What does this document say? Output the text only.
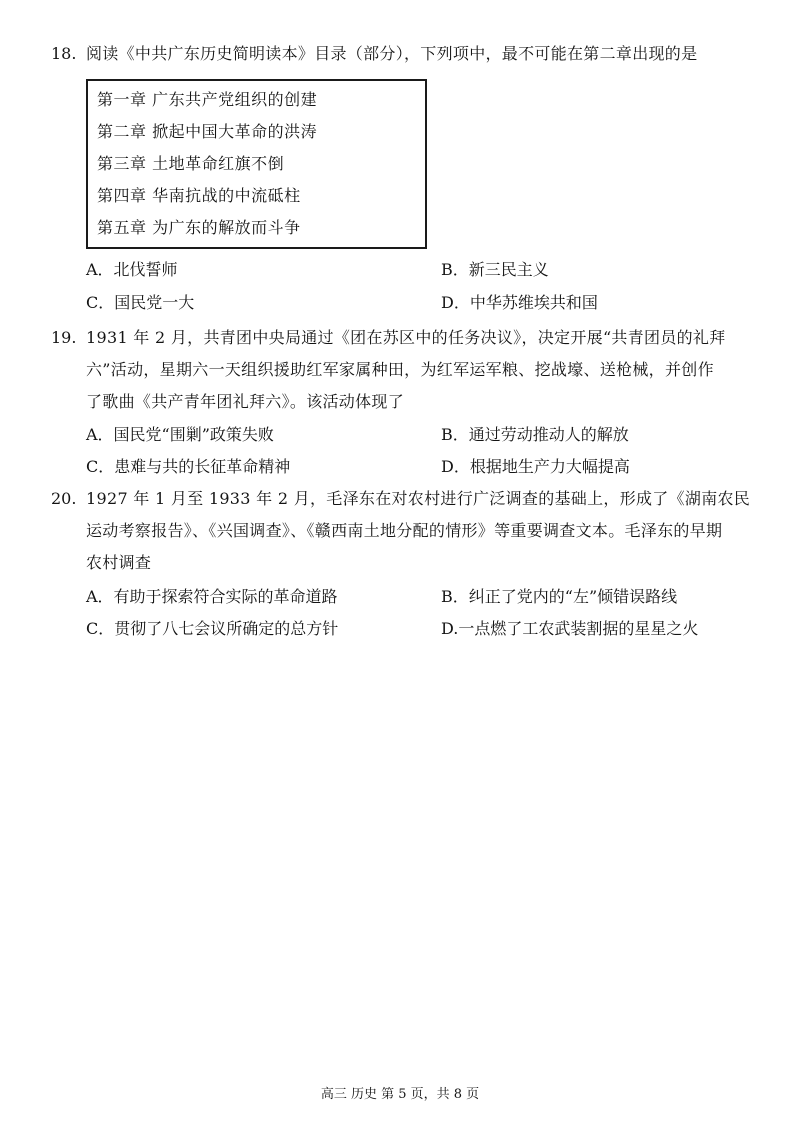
18. 阅读《中共广东历史简明读本》目录（部分），下列项中，最不可能在第二章出现的是
第一章 广东共产党组织的创建
第二章 掀起中国大革命的洪涛
第三章 土地革命红旗不倒
第四章 华南抗战的中流砥柱
第五章 为广东的解放而斗争
A．北伐誓师	B．新三民主义
C．国民党一大	D．中华苏维埃共和国
19. 1931 年 2 月，共青团中央局通过《团在苏区中的任务决议》，决定开展“共青团员的礼拜
六”活动，星期六一天组织援助红军家属种田，为红军运军粮、挖战壕、送枪械，并创作
了歌曲《共产青年团礼拜六》。该活动体现了
A．国民党“围剿”政策失败	B．通过劳动推动人的解放
C．患难与共的长征革命精神	D．根据地生产力大幅提高
20. 1927 年 1 月至 1933 年 2 月，毛泽东在对农村进行广泛调查的基础上，形成了《湖南农民
运动考察报告》、《兴国调查》、《赣西南土地分配的情形》等重要调查文本。毛泽东的早期
农村调查
A．有助于探索符合实际的革命道路	B．纠正了党内的“左”倾错误路线
C．贯彻了八七会议所确定的总方针	D.一点燃了工农武装割据的星星之火
高三 历史 第 5 页，共 8 页
